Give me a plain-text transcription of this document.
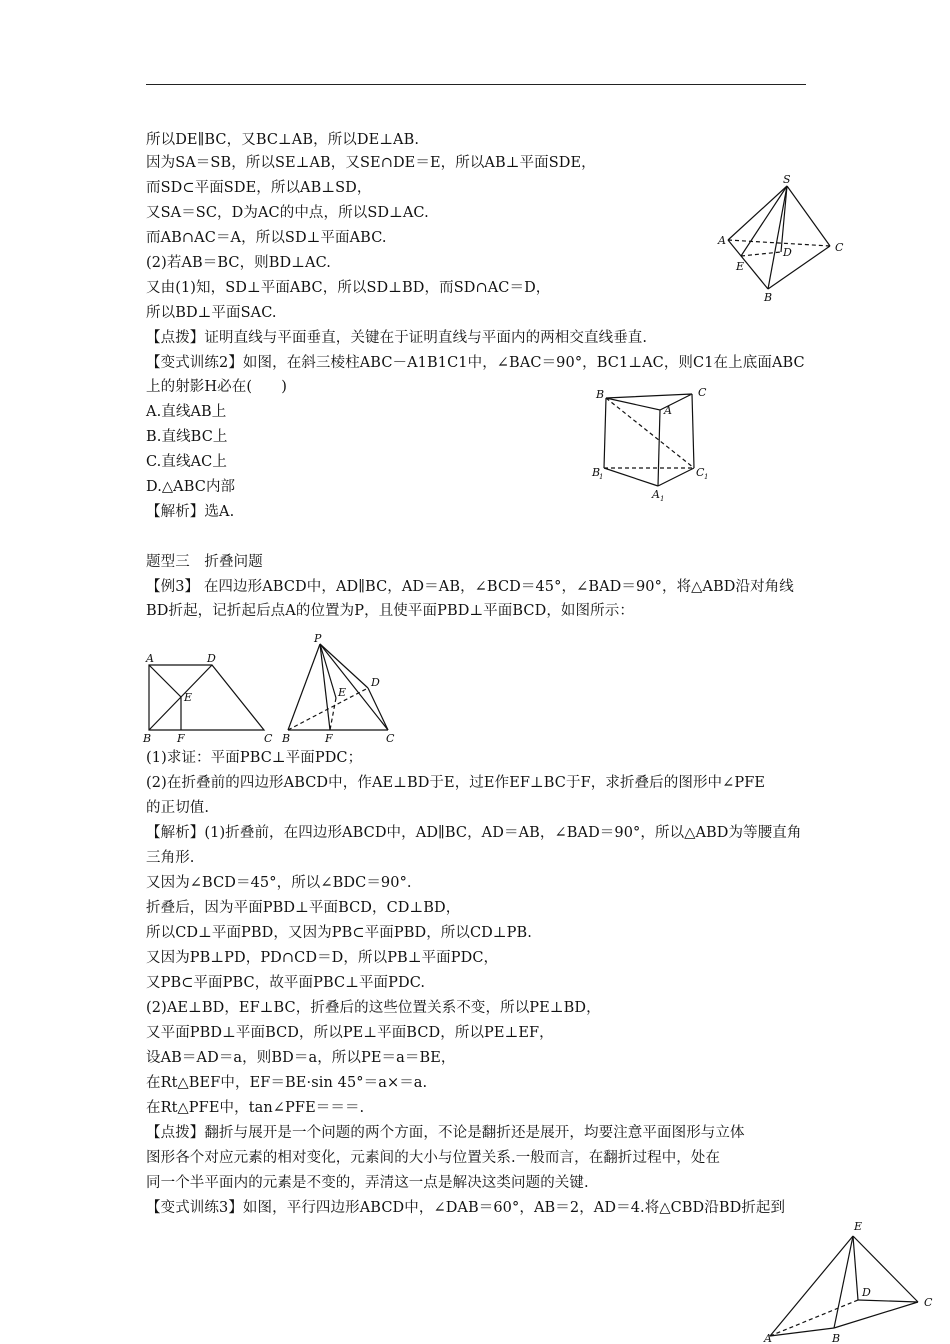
所以DE∥BC，又BC⊥AB，所以DE⊥AB.
因为SA＝SB，所以SE⊥AB，又SE∩DE＝E，所以AB⊥平面SDE，
而SD⊂平面SDE，所以AB⊥SD，
又SA＝SC，D为AC的中点，所以SD⊥AC.
而AB∩AC＝A，所以SD⊥平面ABC.
(2)若AB＝BC，则BD⊥AC.
又由(1)知，SD⊥平面ABC，所以SD⊥BD，而SD∩AC＝D，
所以BD⊥平面SAC.
【点拨】证明直线与平面垂直，关键在于证明直线与平面内的两相交直线垂直.
【变式训练2】如图，在斜三棱柱ABC－A1B1C1中，∠BAC＝90°，BC1⊥AC，则C1在上底面ABC
上的射影H必在(　　)
A.直线AB上
B.直线BC上
C.直线AC上
D.△ABC内部
【解析】选A.
题型三　折叠问题
【例3】 在四边形ABCD中，AD∥BC，AD＝AB，∠BCD＝45°，∠BAD＝90°，将△ABD沿对角线
BD折起，记折起后点A的位置为P，且使平面PBD⊥平面BCD，如图所示：
(1)求证：平面PBC⊥平面PDC；
(2)在折叠前的四边形ABCD中，作AE⊥BD于E，过E作EF⊥BC于F，求折叠后的图形中∠PFE
的正切值.
【解析】(1)折叠前，在四边形ABCD中，AD∥BC，AD＝AB，∠BAD＝90°，所以△ABD为等腰直角
三角形.
又因为∠BCD＝45°，所以∠BDC＝90°.
折叠后，因为平面PBD⊥平面BCD，CD⊥BD，
所以CD⊥平面PBD，又因为PB⊂平面PBD，所以CD⊥PB.
又因为PB⊥PD，PD∩CD＝D，所以PB⊥平面PDC，
又PB⊂平面PBC，故平面PBC⊥平面PDC.
(2)AE⊥BD，EF⊥BC，折叠后的这些位置关系不变，所以PE⊥BD，
又平面PBD⊥平面BCD，所以PE⊥平面BCD，所以PE⊥EF，
设AB＝AD＝a，则BD＝a，所以PE＝a＝BE，
在Rt△BEF中，EF＝BE·sin 45°＝a×＝a.
在Rt△PFE中，tan∠PFE＝＝＝.
【点拨】翻折与展开是一个问题的两个方面，不论是翻折还是展开，均要注意平面图形与立体
图形各个对应元素的相对变化，元素间的大小与位置关系.一般而言，在翻折过程中，处在
同一个半平面内的元素是不变的，弄清这一点是解决这类问题的关键.
【变式训练3】如图，平行四边形ABCD中，∠DAB＝60°，AB＝2，AD＝4.将△CBD沿BD折起到
S
A
B
C
D
E
B	C
A
B
1	C 1
A 1
A	D
E
B F	C
P
D
E
B	F	C
E
D
C
A	B
